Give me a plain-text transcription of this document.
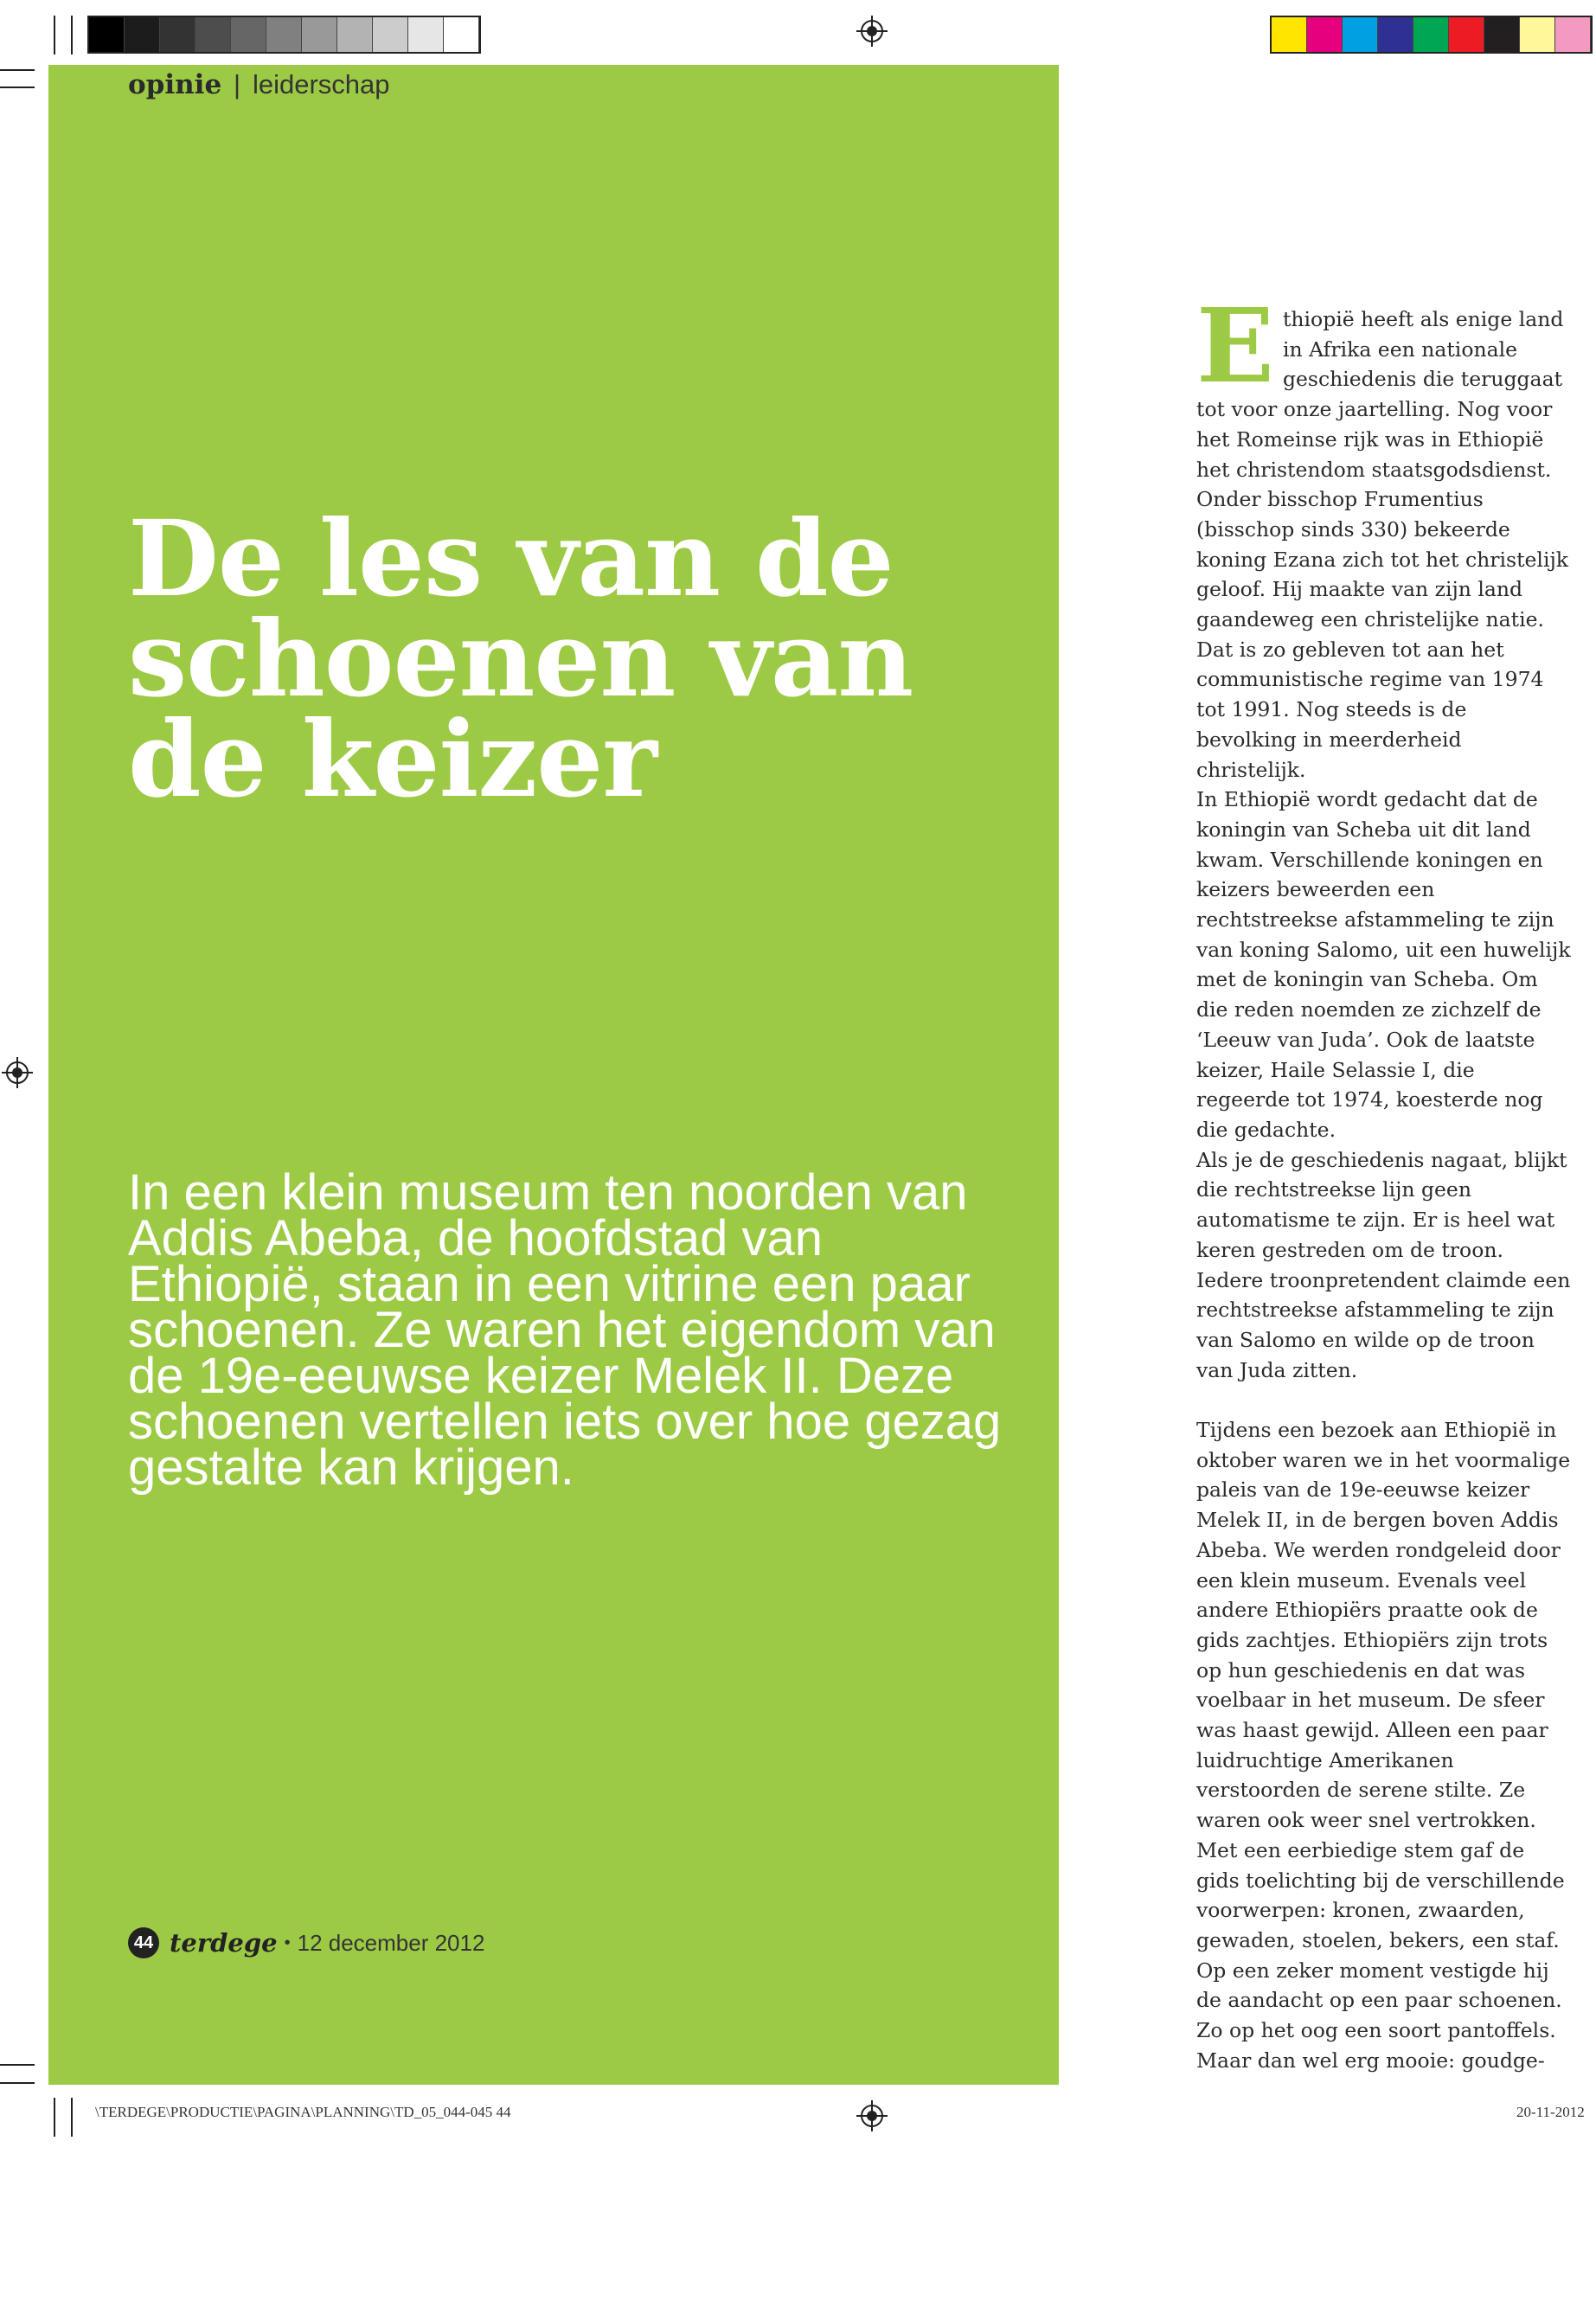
opinie | leiderschap
De les van de schoenen van de keizer

In een klein museum ten noorden van Addis Abeba, de hoofdstad van Ethiopië, staan in een vitrine een paar schoenen. Ze waren het eigendom van de 19e-eeuwse keizer Melek II. Deze schoenen vertellen iets over hoe gezag gestalte kan krijgen.

44 terdege • 12 december 2012

Ethiopië heeft als enige land in Afrika een nationale geschiedenis die teruggaat tot voor onze jaartelling. Nog voor het Romeinse rijk was in Ethiopië het christendom staatsgodsdienst. Onder bisschop Frumentius (bisschop sinds 330) bekeerde koning Ezana zich tot het christelijk geloof. Hij maakte van zijn land gaandeweg een christelijke natie. Dat is zo gebleven tot aan het communistische regime van 1974 tot 1991. Nog steeds is de bevolking in meerderheid christelijk.

In Ethiopië wordt gedacht dat de koningin van Scheba uit dit land kwam. Verschillende koningen en keizers beweerden een rechtstreekse afstammeling te zijn van koning Salomo, uit een huwelijk met de koningin van Scheba. Om die reden noemden ze zichzelf de ‘Leeuw van Juda’. Ook de laatste keizer, Haile Selassie I, die regeerde tot 1974, koesterde nog die gedachte.

Als je de geschiedenis nagaat, blijkt die rechtstreekse lijn geen automatisme te zijn. Er is heel wat keren gestreden om de troon. Iedere troonpretendent claimde een rechtstreekse afstammeling te zijn van Salomo en wilde op de troon van Juda zitten.

Tijdens een bezoek aan Ethiopië in oktober waren we in het voormalige paleis van de 19e-eeuwse keizer Melek II, in de bergen boven Addis Abeba. We werden rondgeleid door een klein museum. Evenals veel andere Ethiopiërs praatte ook de gids zachtjes. Ethiopiërs zijn trots op hun geschiedenis en dat was voelbaar in het museum. De sfeer was haast gewijd. Alleen een paar luidruchtige Amerikanen verstoorden de serene stilte. Ze waren ook weer snel vertrokken.

Met een eerbiedige stem gaf de gids toelichting bij de verschillende voorwerpen: kronen, zwaarden, gewaden, stoelen, bekers, een staf. Op een zeker moment vestigde hij de aandacht op een paar schoenen. Zo op het oog een soort pantoffels. Maar dan wel erg mooie: goudge-

\TERDEGE\PRODUCTIE\PAGINA\PLANNING\TD_05_044-045 44	20-11-2012
